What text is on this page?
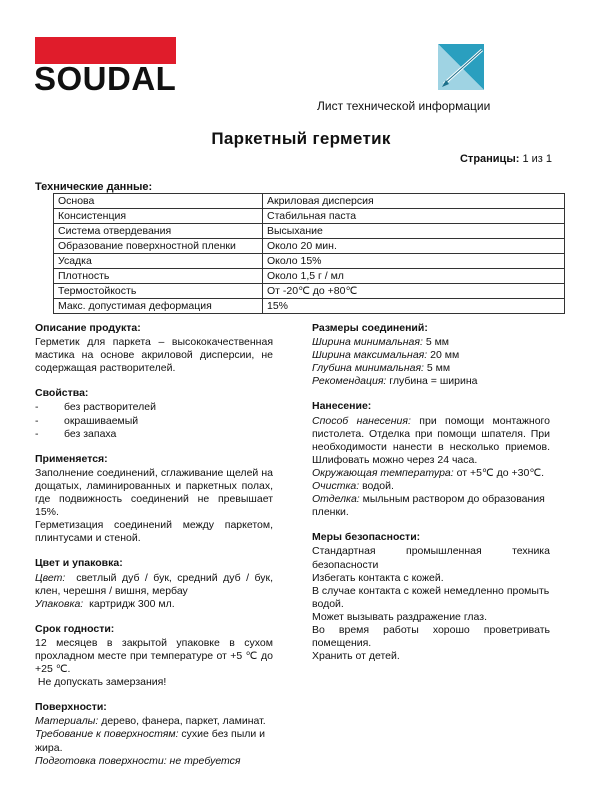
SOUDAL
Лист технической информации
Паркетный герметик
Страницы: 1 из 1
Технические данные:
Основа	Акриловая дисперсия
Консистенция	Стабильная паста
Система отвердевания	Высыхание
Образование поверхностной пленки	Около 20 мин.
Усадка	Около 15%
Плотность	Около 1,5 г / мл
Термостойкость	От -20℃ до +80℃
Макс. допустимая деформация	15%
Описание продукта:
Герметик для паркета – высококачественная мастика на основе акриловой дисперсии, не содержащая растворителей.
Свойства:
-	без растворителей
-	окрашиваемый
-	без запаха
Применяется:
Заполнение соединений, сглаживание щелей на дощатых, ламинированных и паркетных полах, где подвижность соединений не превышает 15%.
Герметизация соединений между паркетом, плинтусами и стеной.
Цвет и упаковка:
Цвет: светлый дуб / бук, средний дуб / бук, клен, черешня / вишня, мербау
Упаковка: картридж 300 мл.
Срок годности:
12 месяцев в закрытой упаковке в сухом прохладном месте при температуре от +5 ℃ до +25 ℃.
Не допускать замерзания!
Поверхности:
Материалы: дерево, фанера, паркет, ламинат.
Требование к поверхностям: сухие без пыли и жира.
Подготовка поверхности: не требуется
Размеры соединений:
Ширина минимальная: 5 мм
Ширина максимальная: 20 мм
Глубина минимальная: 5 мм
Рекомендация: глубина = ширина
Нанесение:
Способ нанесения: при помощи монтажного пистолета. Отделка при помощи шпателя. При необходимости нанести в несколько приемов. Шлифовать можно через 24 часа.
Окружающая температура: от +5℃ до +30℃.
Очистка: водой.
Отделка: мыльным раствором до образования пленки.
Меры безопасности:
Стандартная	промышленная	техника
безопасности
Избегать контакта с кожей.
В случае контакта с кожей немедленно промыть водой.
Может вызывать раздражение глаз.
Во время работы хорошо проветривать помещения.
Хранить от детей.
